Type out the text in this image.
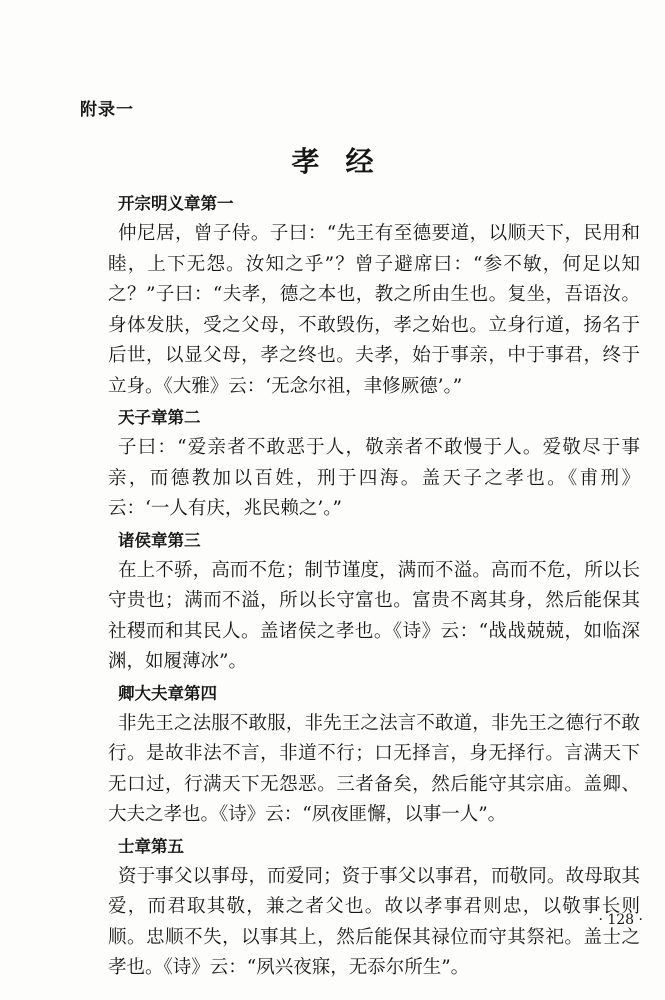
附录一
孝经
开宗明义章第一

仲尼居，曾子侍。子曰：“先王有至德要道，以顺天下，民用和睦，上下无怨。汝知之乎”？曾子避席曰：“参不敏，何足以知之？”子曰：“夫孝，德之本也，教之所由生也。复坐，吾语汝。身体发肤，受之父母，不敢毁伤，孝之始也。立身行道，扬名于后世，以显父母，孝之终也。夫孝，始于事亲，中于事君，终于立身。《大雅》云：‘无念尔祖，聿修厥德’。”

天子章第二

子曰：“爱亲者不敢恶于人，敬亲者不敢慢于人。爱敬尽于事亲，而德教加以百姓，刑于四海。盖天子之孝也。《甫刑》云：‘一人有庆，兆民赖之’。”

诸侯章第三

在上不骄，高而不危；制节谨度，满而不溢。高而不危，所以长守贵也；满而不溢，所以长守富也。富贵不离其身，然后能保其社稷而和其民人。盖诸侯之孝也。《诗》云：“战战兢兢，如临深渊，如履薄冰”。

卿大夫章第四

非先王之法服不敢服，非先王之法言不敢道，非先王之德行不敢行。是故非法不言，非道不行；口无择言，身无择行。言满天下无口过，行满天下无怨恶。三者备矣，然后能守其宗庙。盖卿、大夫之孝也。《诗》云：“夙夜匪懈，以事一人”。

士章第五

资于事父以事母，而爱同；资于事父以事君，而敬同。故母取其爱，而君取其敬，兼之者父也。故以孝事君则忠，以敬事长则顺。忠顺不失，以事其上，然后能保其禄位而守其祭祀。盖士之孝也。《诗》云：“夙兴夜寐，无忝尔所生”。

· 128 ·
